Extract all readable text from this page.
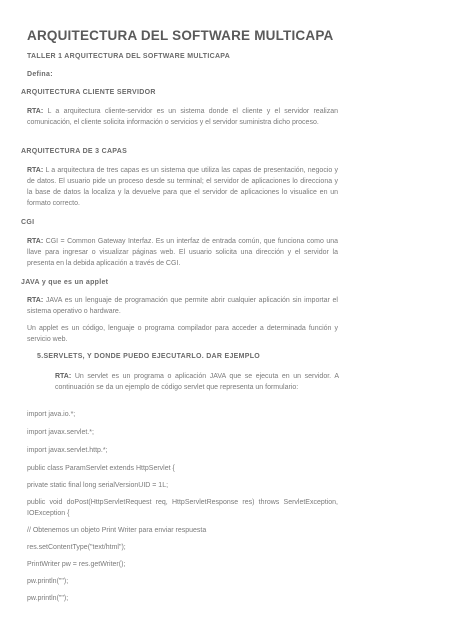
ARQUITECTURA DEL SOFTWARE MULTICAPA
TALLER 1 ARQUITECTURA DEL SOFTWARE MULTICAPA
Defina:
ARQUITECTURA CLIENTE SERVIDOR
RTA: L a arquitectura cliente-servidor es un sistema donde el cliente y el servidor realizan comunicación, el cliente solicita información o servicios y el servidor suministra dicho proceso.
ARQUITECTURA DE 3 CAPAS
RTA: L a arquitectura de tres capas es un sistema que utiliza las capas de presentación, negocio y de datos. El usuario pide un proceso desde su terminal; el servidor de aplicaciones lo direcciona y la base de datos la localiza y la devuelve para que el servidor de aplicaciones lo visualice en un formato correcto.
CGI
RTA: CGI = Common Gateway Interfaz. Es un interfaz de entrada común, que funciona como una llave para ingresar o visualizar páginas web. El usuario solicita una dirección y el servidor la presenta en la debida aplicación a través de CGI.
JAVA y que es un applet
RTA: JAVA es un lenguaje de programación que permite abrir cualquier aplicación sin importar el sistema operativo o hardware.
Un applet es un código, lenguaje o programa compilador para acceder a determinada función y servicio web.
5.SERVLETS, Y DONDE PUEDO EJECUTARLO. DAR EJEMPLO
RTA: Un servlet es un programa o aplicación JAVA que se ejecuta en un servidor. A continuación se da un ejemplo de código servlet que representa un formulario:
import java.io.*;
import javax.servlet.*;
import javax.servlet.http.*;
public class ParamServlet extends HttpServlet {
private static final long serialVersionUID = 1L;
public void doPost(HttpServletRequest req, HttpServletResponse res) throws ServletException, IOException {
// Obtenemos un objeto Print Writer para enviar respuesta
res.setContentType("text/html");
PrintWriter pw = res.getWriter();
pw.println("");
pw.println("");
